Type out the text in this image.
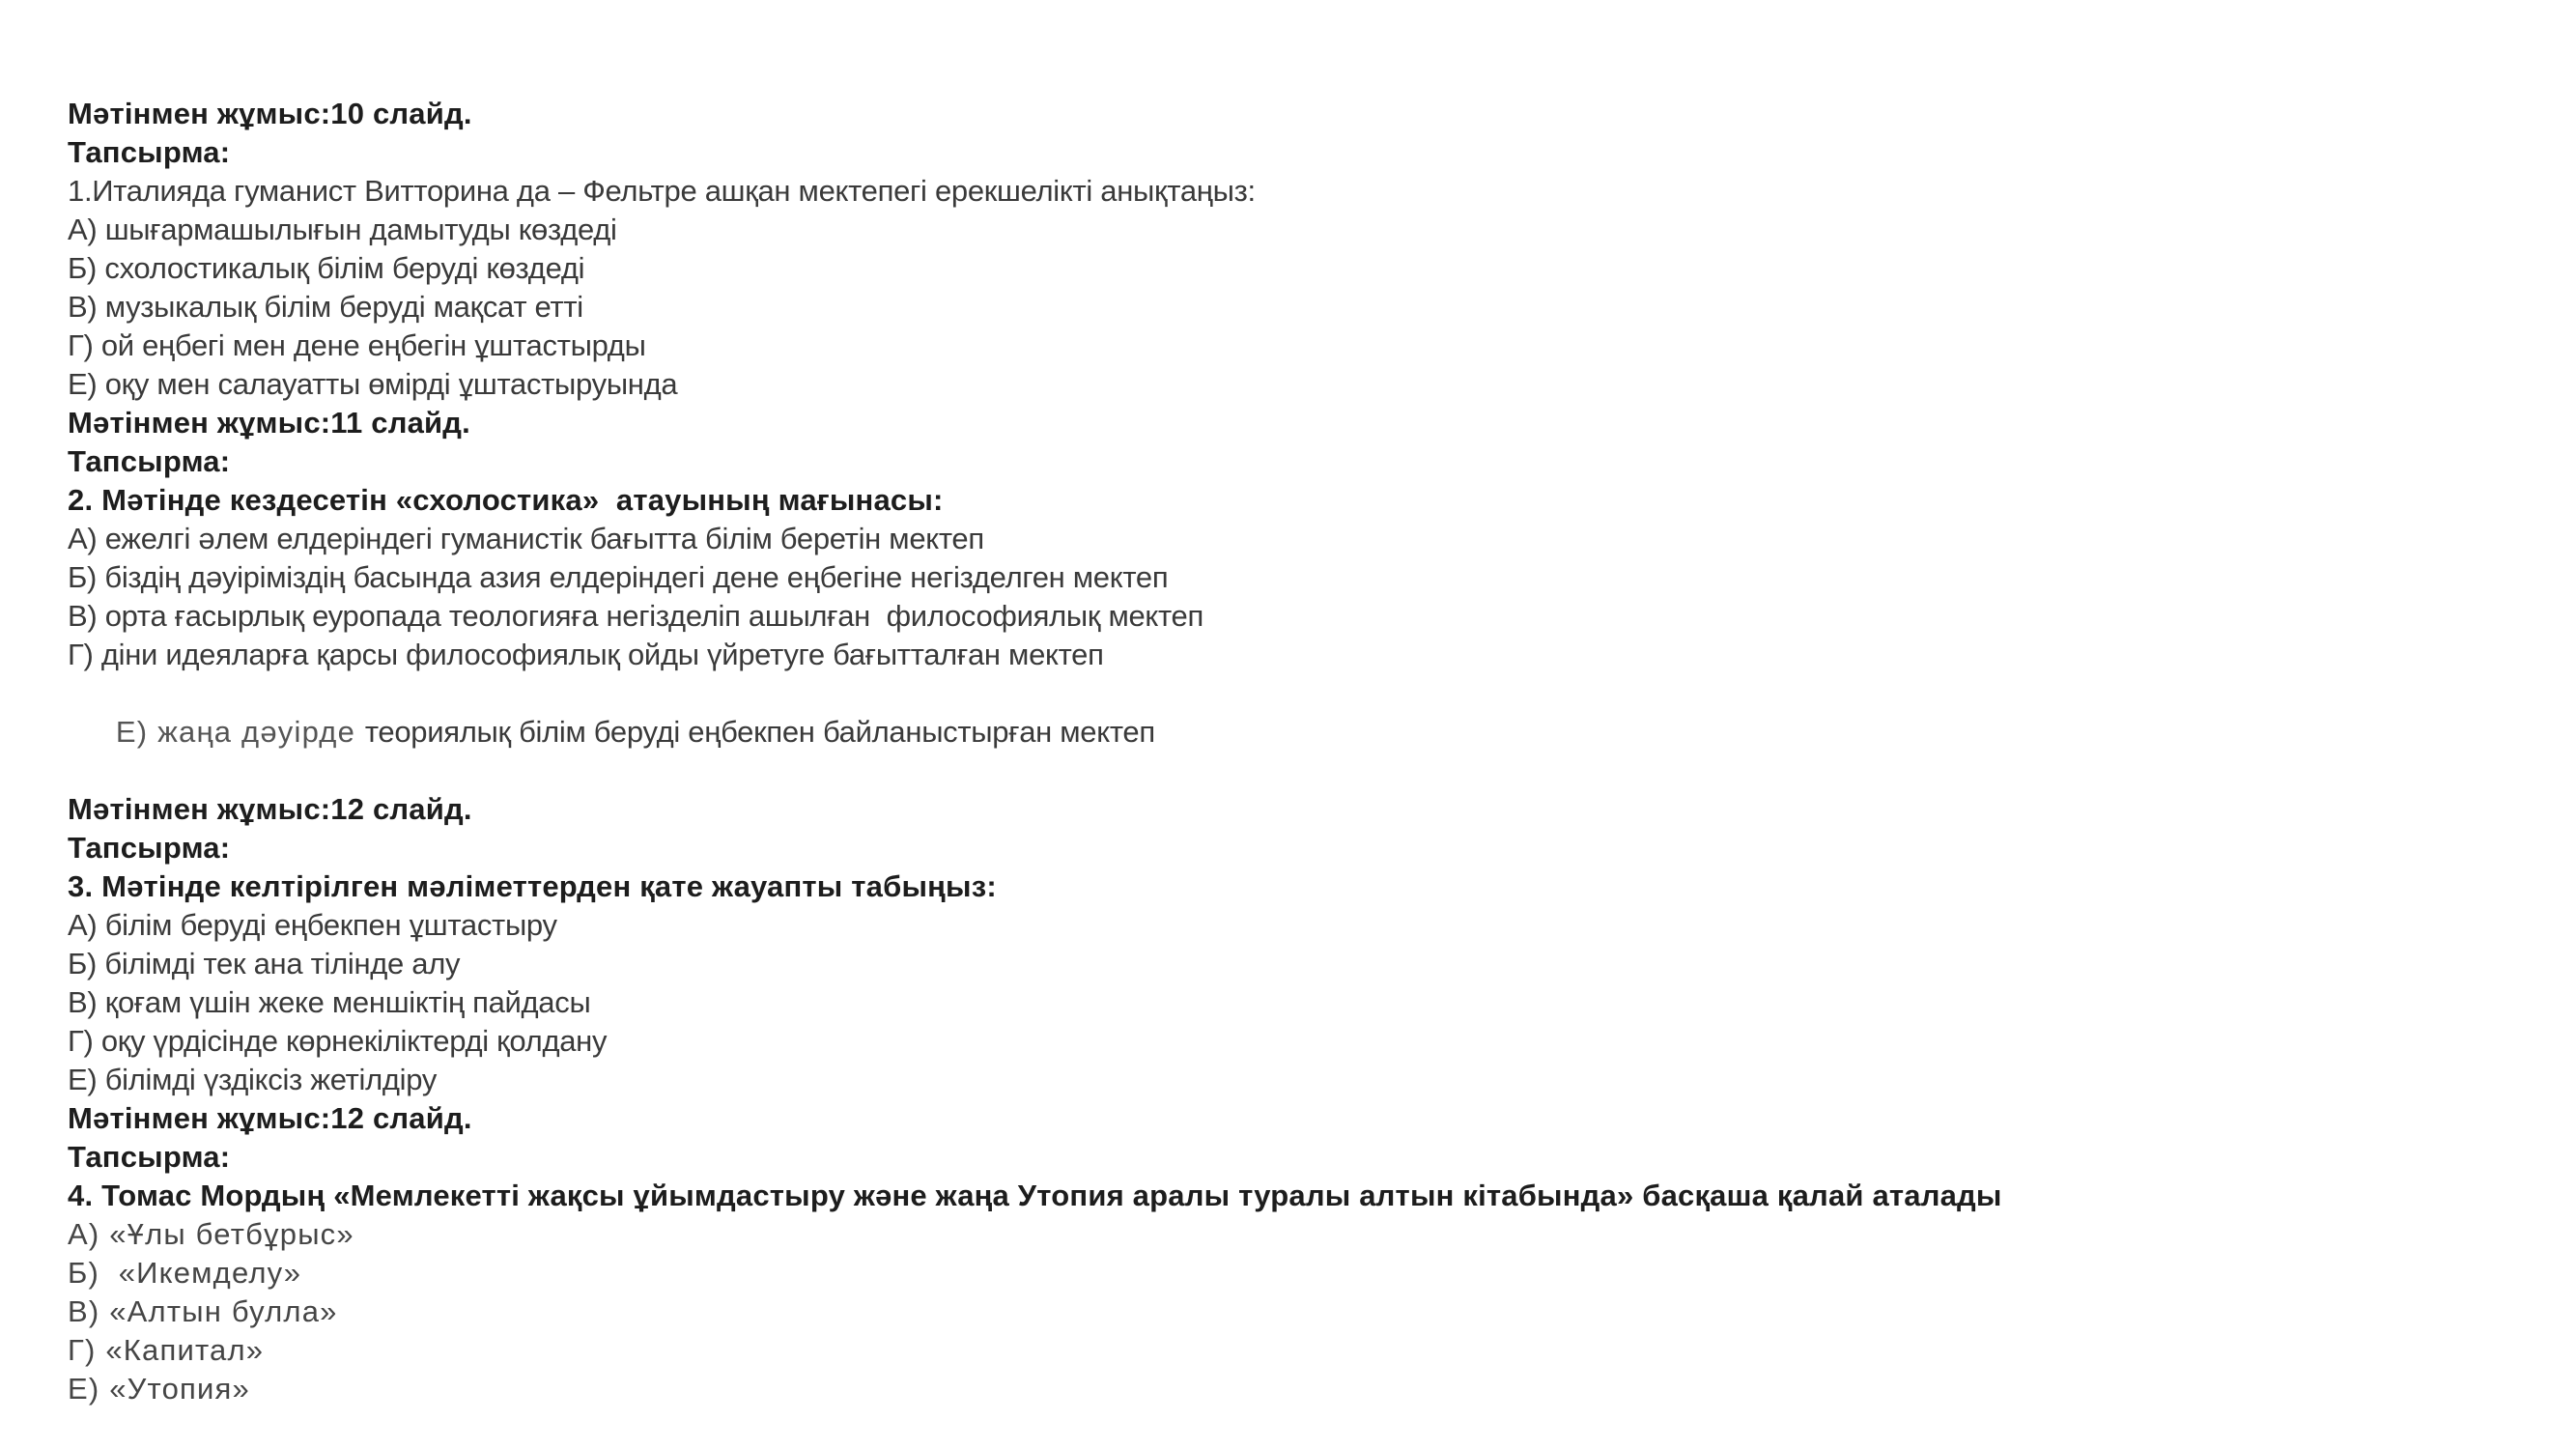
Мәтінмен жұмыс:10 слайд.

Тапсырма:

1.Италияда гуманист Витторина да – Фельтре ашқан мектепегі ерекшелікті анықтаңыз:

А) шығармашылығын дамытуды көздеді

Б) схолостикалық білім беруді көздеді

В) музыкалық білім беруді мақсат етті

Г) ой еңбегі мен дене еңбегін ұштастырды

Е) оқу мен салауатты өмірді ұштастыруында

Мәтінмен жұмыс:11 слайд.

Тапсырма:

2. Мәтінде кездесетін «схолостика»  атауының мағынасы:

А) ежелгі әлем елдеріндегі гуманистік бағытта білім беретін мектеп

Б) біздің дәуіріміздің басында азия елдеріндегі дене еңбегіне негізделген мектеп

В) орта ғасырлық еуропада теологияға негізделіп ашылған  философиялық мектеп

Г) діни идеяларға қарсы философиялық ойды үйретуге бағытталған мектеп

Е) жаңа дәуірде теориялық білім беруді еңбекпен байланыстырған мектеп

Мәтінмен жұмыс:12 слайд.

Тапсырма:

3. Мәтінде келтірілген мәліметтерден қате жауапты табыңыз:

А) білім беруді еңбекпен ұштастыру

Б) білімді тек ана тілінде алу

В) қоғам үшін жеке меншіктің пайдасы

Г) оқу үрдісінде көрнекіліктерді қолдану

Е) білімді үздіксіз жетілдіру

Мәтінмен жұмыс:12 слайд.

Тапсырма:

4. Томас Мордың «Мемлекетті жақсы ұйымдастыру және жаңа Утопия аралы туралы алтын кітабында» басқаша қалай аталады

А) «Ұлы бетбұрыс»

Б)  «Икемделу»

В) «Алтын булла»

Г) «Капитал»

Е) «Утопия»
